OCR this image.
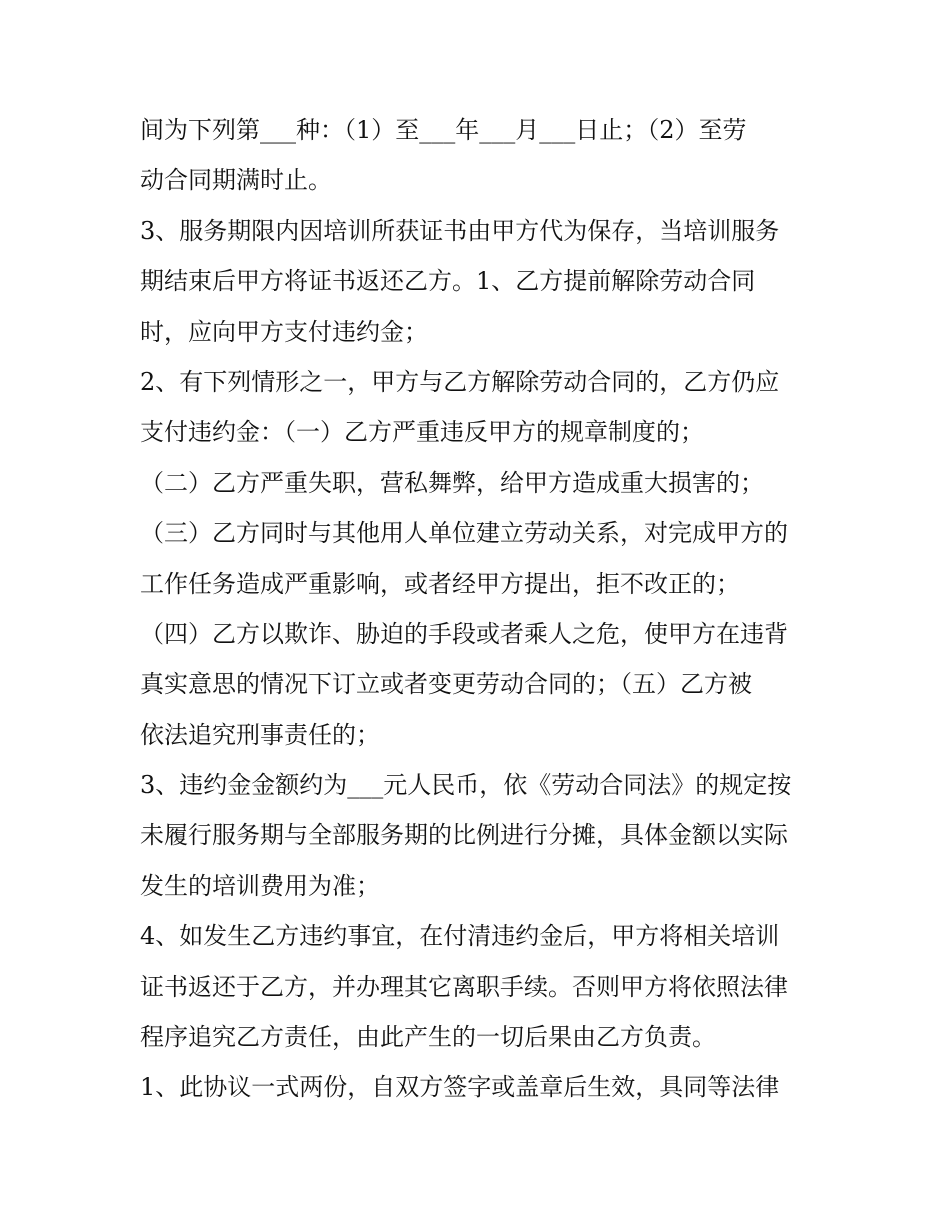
间为下列第___种：（1）至___年___月___日止；（2）至劳

动合同期满时止。

3、服务期限内因培训所获证书由甲方代为保存，当培训服务

期结束后甲方将证书返还乙方。1、乙方提前解除劳动合同

时，应向甲方支付违约金；

2、有下列情形之一，甲方与乙方解除劳动合同的，乙方仍应

支付违约金：（一）乙方严重违反甲方的规章制度的；

（二）乙方严重失职，营私舞弊，给甲方造成重大损害的；

（三）乙方同时与其他用人单位建立劳动关系，对完成甲方的

工作任务造成严重影响，或者经甲方提出，拒不改正的；

（四）乙方以欺诈、胁迫的手段或者乘人之危，使甲方在违背

真实意思的情况下订立或者变更劳动合同的；（五）乙方被

依法追究刑事责任的；

3、违约金金额约为___元人民币，依《劳动合同法》的规定按

未履行服务期与全部服务期的比例进行分摊，具体金额以实际

发生的培训费用为准；

4、如发生乙方违约事宜，在付清违约金后，甲方将相关培训

证书返还于乙方，并办理其它离职手续。否则甲方将依照法律

程序追究乙方责任，由此产生的一切后果由乙方负责。

1、此协议一式两份，自双方签字或盖章后生效，具同等法律
